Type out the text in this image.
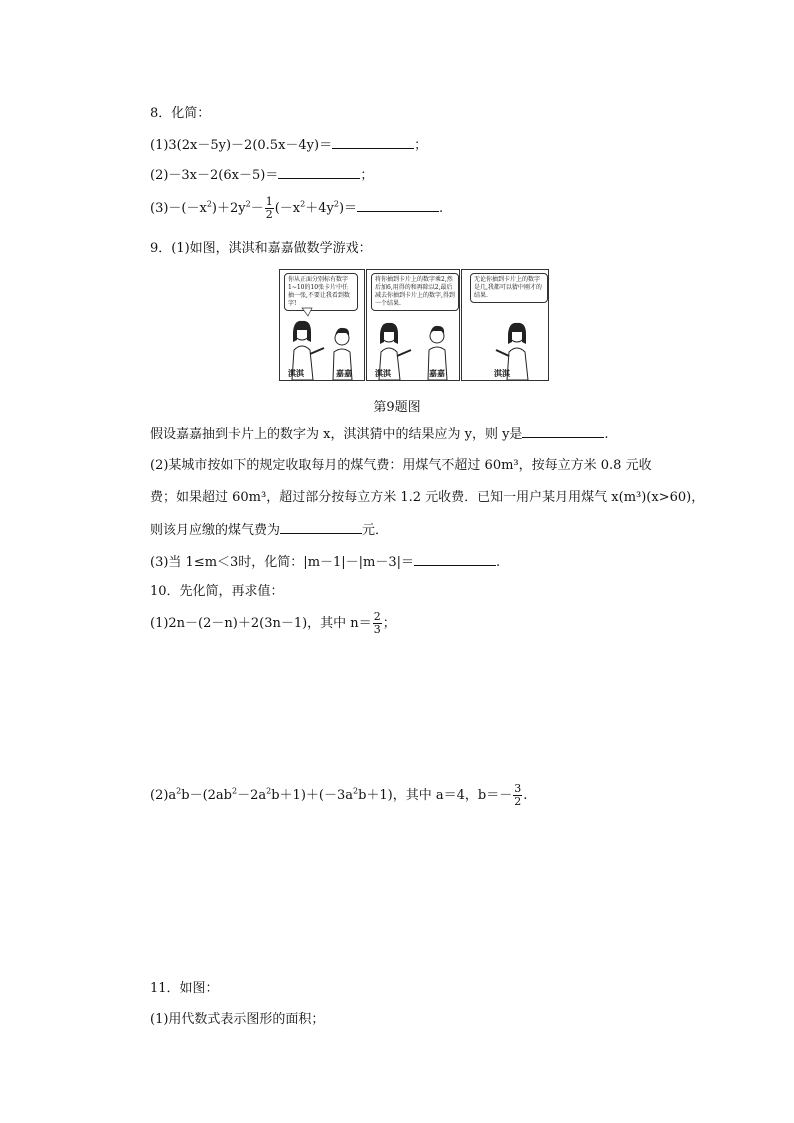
8．化简：
(1)3(2x－5y)－2(0.5x－4y)＝	；
(2)－3x－2(6x－5)＝	；
$(3)-(-x^2)+2y^2- \frac{1}{2} (-x^2+4y^2)=$	.
9．(1)如图，淇淇和嘉嘉做数学游戏：
你从正面分别标有数字1~10的10张卡片中任抽一张,不要让我看到数字!
淇淇	嘉嘉
将你抽到卡片上的数字乘2,然后加6,用得的和再除以2,最后减去你抽到卡片上的数字,得到一个结果.
淇淇	嘉嘉
无论你抽到卡片上的数字是几,我都可以猜中刚才的结果.
淇淇
第9题图
假设嘉嘉抽到卡片上的数字为 x，淇淇猜中的结果应为 y，则 y是	.
(2)某城市按如下的规定收取每月的煤气费：用煤气不超过 60m³，按每立方米 0.8 元收
费；如果超过 60m³，超过部分按每立方米 1.2 元收费．已知一用户某月用煤气 x(m³)(x>60)，
则该月应缴的煤气费为	元．
(3)当 1≤m＜3时，化简：|m－1|－|m－3|＝	.
10．先化简，再求值：
(1)2n－(2－n)＋2(3n－1)，其中 $n= \frac{2}{3}$ ；
$(2)a^2b-(2ab^2-2a^2b+1)+(-3a^2b+1)$，其中 a＝4，$b=- \frac{3}{2}$ .
11．如图：
(1)用代数式表示图形的面积；
